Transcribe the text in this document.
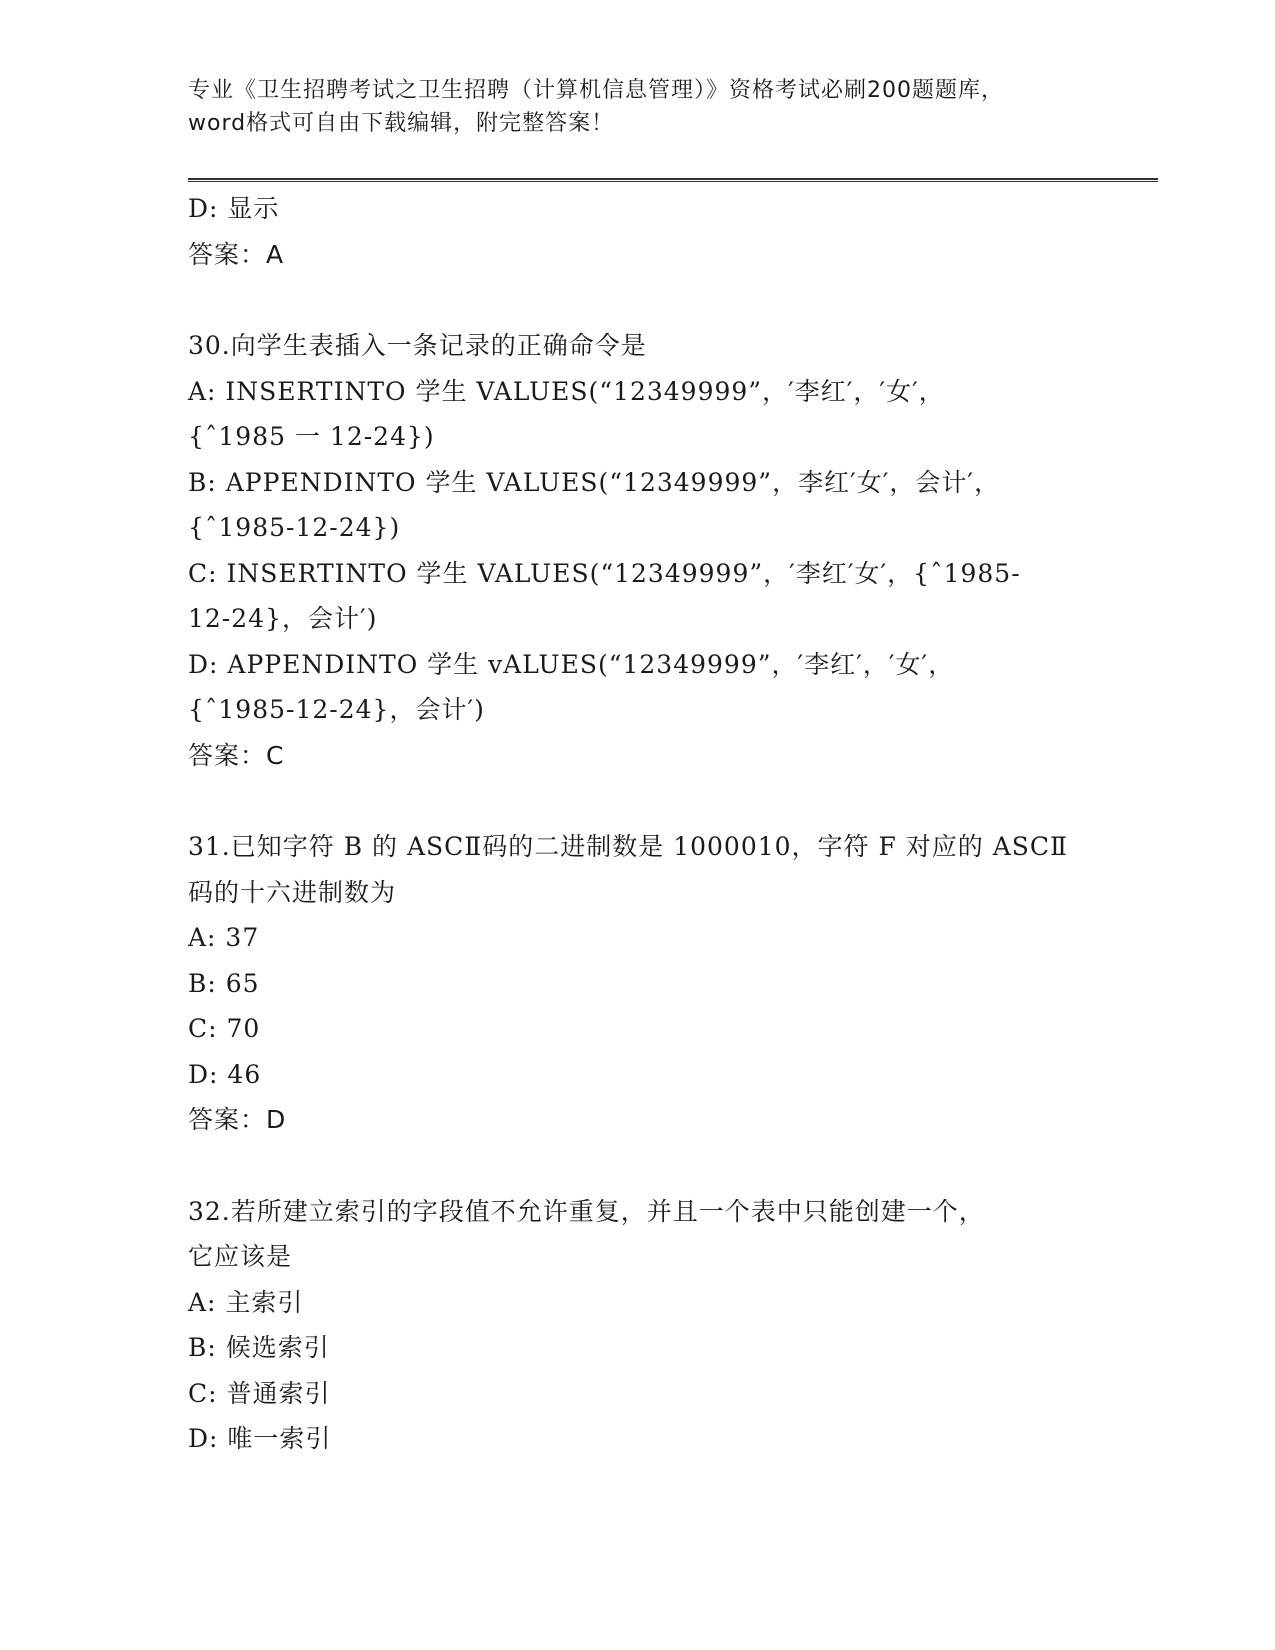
专业《卫生招聘考试之卫生招聘（计算机信息管理）》资格考试必刷200题题库，
word格式可自由下载编辑，附完整答案！
D: 显示
答案：A
30.向学生表插入一条记录的正确命令是
A: INSERTINTO 学生 VALUES(“12349999”，′李红′，′女′，
{ˆ1985 一 12-24})
B: APPENDINTO 学生 VALUES(“12349999”，李红′女′，会计′，
{ˆ1985-12-24})
C: INSERTINTO 学生 VALUES(“12349999”，′李红′女′，{ˆ1985-
12-24}，会计′)
D: APPENDINTO 学生 vALUES(“12349999”，′李红′，′女′，
{ˆ1985-12-24}，会计′)
答案：C
31.已知字符 B 的 ASCⅡ码的二进制数是 1000010，字符 F 对应的 ASCⅡ
码的十六进制数为
A: 37
B: 65
C: 70
D: 46
答案：D
32.若所建立索引的字段值不允许重复，并且一个表中只能创建一个，
它应该是
A: 主索引
B: 候选索引
C: 普通索引
D: 唯一索引
